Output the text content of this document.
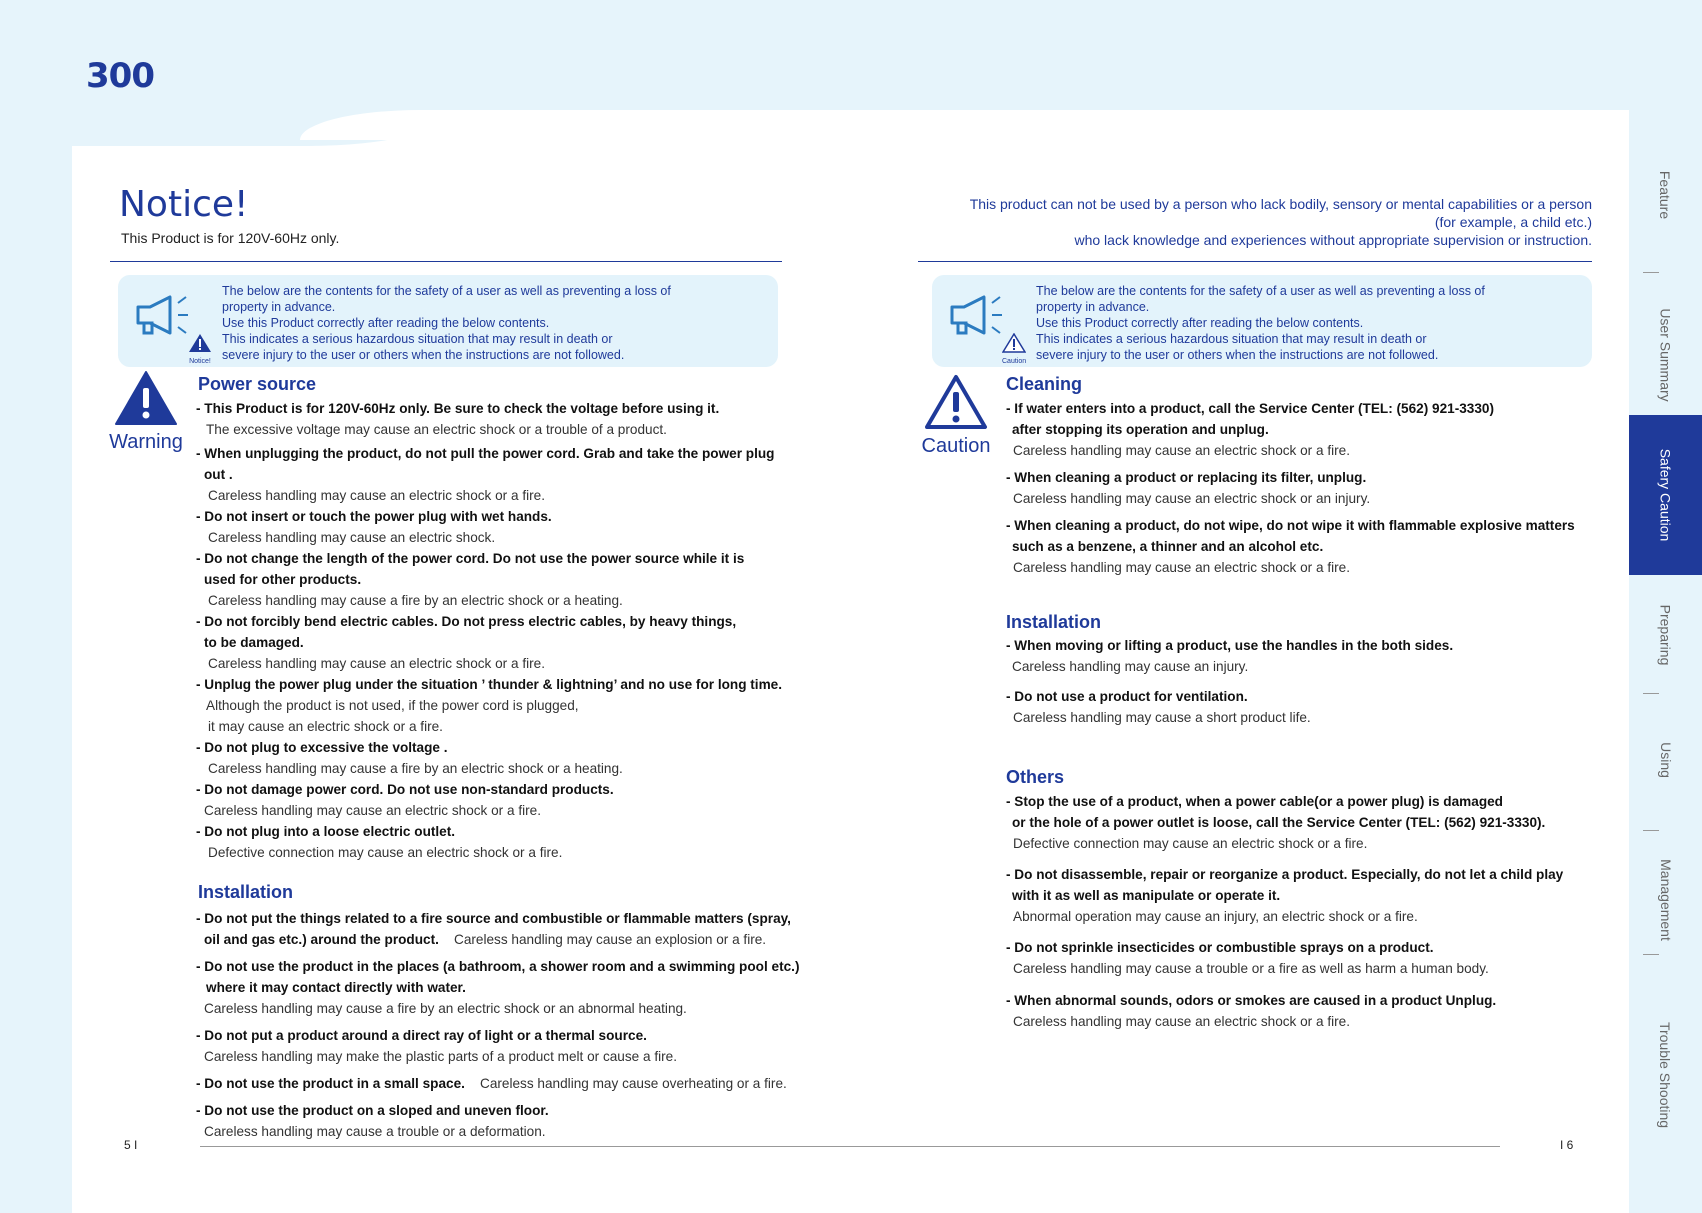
300
Feature
User Summary
Safery Caution
Preparing
Using
Management
Trouble Shooting
Notice!
This Product is for 120V-60Hz only.
This product can not be used by a person who lack bodily, sensory or mental capabilities or a person
(for example, a child etc.)
who lack knowledge and experiences without appropriate supervision or instruction.
Notice!
The below are the contents for the safety of a user as well as preventing a loss of
property in advance.
Use this Product correctly after reading the below contents.
This indicates a serious hazardous situation that may result in death or
severe injury to the user or others when the instructions are not followed.	Caution
The below are the contents for the safety of a user as well as preventing a loss of
property in advance.
Use this Product correctly after reading the below contents.
This indicates a serious hazardous situation that may result in death or
severe injury to the user or others when the instructions are not followed.
Warning	Caution
Power source
- This Product is for 120V-60Hz only. Be sure to check the voltage before using it.
The excessive voltage may cause an electric shock or a trouble of a product.
- When unplugging the product, do not pull the power cord. Grab and take the power plug
out .
Careless handling may cause an electric shock or a fire.
- Do not insert or touch the power plug with wet hands.
Careless handling may cause an electric shock.
- Do not change the length of the power cord. Do not use the power source while it is
used for other products.
Careless handling may cause a fire by an electric shock or a heating.
- Do not forcibly bend electric cables. Do not press electric cables, by heavy things,
to be damaged.
Careless handling may cause an electric shock or a fire.
- Unplug the power plug under the situation ’ thunder & lightning’ and no use for long time.
Although the product is not used, if the power cord is plugged,
it may cause an electric shock or a fire.
- Do not plug to excessive the voltage .
Careless handling may cause a fire by an electric shock or a heating.
- Do not damage power cord. Do not use non-standard products.
Careless handling may cause an electric shock or a fire.
- Do not plug into a loose electric outlet.
Defective connection may cause an electric shock or a fire.
Installation
- Do not put the things related to a fire source and combustible or flammable matters (spray,
oil and gas etc.) around the product. Careless handling may cause an explosion or a fire.
- Do not use the product in the places (a bathroom, a shower room and a swimming pool etc.)
where it may contact directly with water.
Careless handling may cause a fire by an electric shock or an abnormal heating.
- Do not put a product around a direct ray of light or a thermal source.
Careless handling may make the plastic parts of a product melt or cause a fire.
- Do not use the product in a small space. Careless handling may cause overheating or a fire.
- Do not use the product on a sloped and uneven floor.
Careless handling may cause a trouble or a deformation.
Cleaning
- If water enters into a product, call the Service Center (TEL: (562) 921-3330)
after stopping its operation and unplug.
Careless handling may cause an electric shock or a fire.
- When cleaning a product or replacing its filter, unplug.
Careless handling may cause an electric shock or an injury.
- When cleaning a product, do not wipe, do not wipe it with flammable explosive matters
such as a benzene, a thinner and an alcohol etc.
Careless handling may cause an electric shock or a fire.
Installation
- When moving or lifting a product, use the handles in the both sides.
Careless handling may cause an injury.
- Do not use a product for ventilation.
Careless handling may cause a short product life.
Others
- Stop the use of a product, when a power cable(or a power plug) is damaged
or the hole of a power outlet is loose, call the Service Center (TEL: (562) 921-3330).
Defective connection may cause an electric shock or a fire.
- Do not disassemble, repair or reorganize a product. Especially, do not let a child play
with it as well as manipulate or operate it.
Abnormal operation may cause an injury, an electric shock or a fire.
- Do not sprinkle insecticides or combustible sprays on a product.
Careless handling may cause a trouble or a fire as well as harm a human body.
- When abnormal sounds, odors or smokes are caused in a product Unplug.
Careless handling may cause an electric shock or a fire.
5 I	I 6
